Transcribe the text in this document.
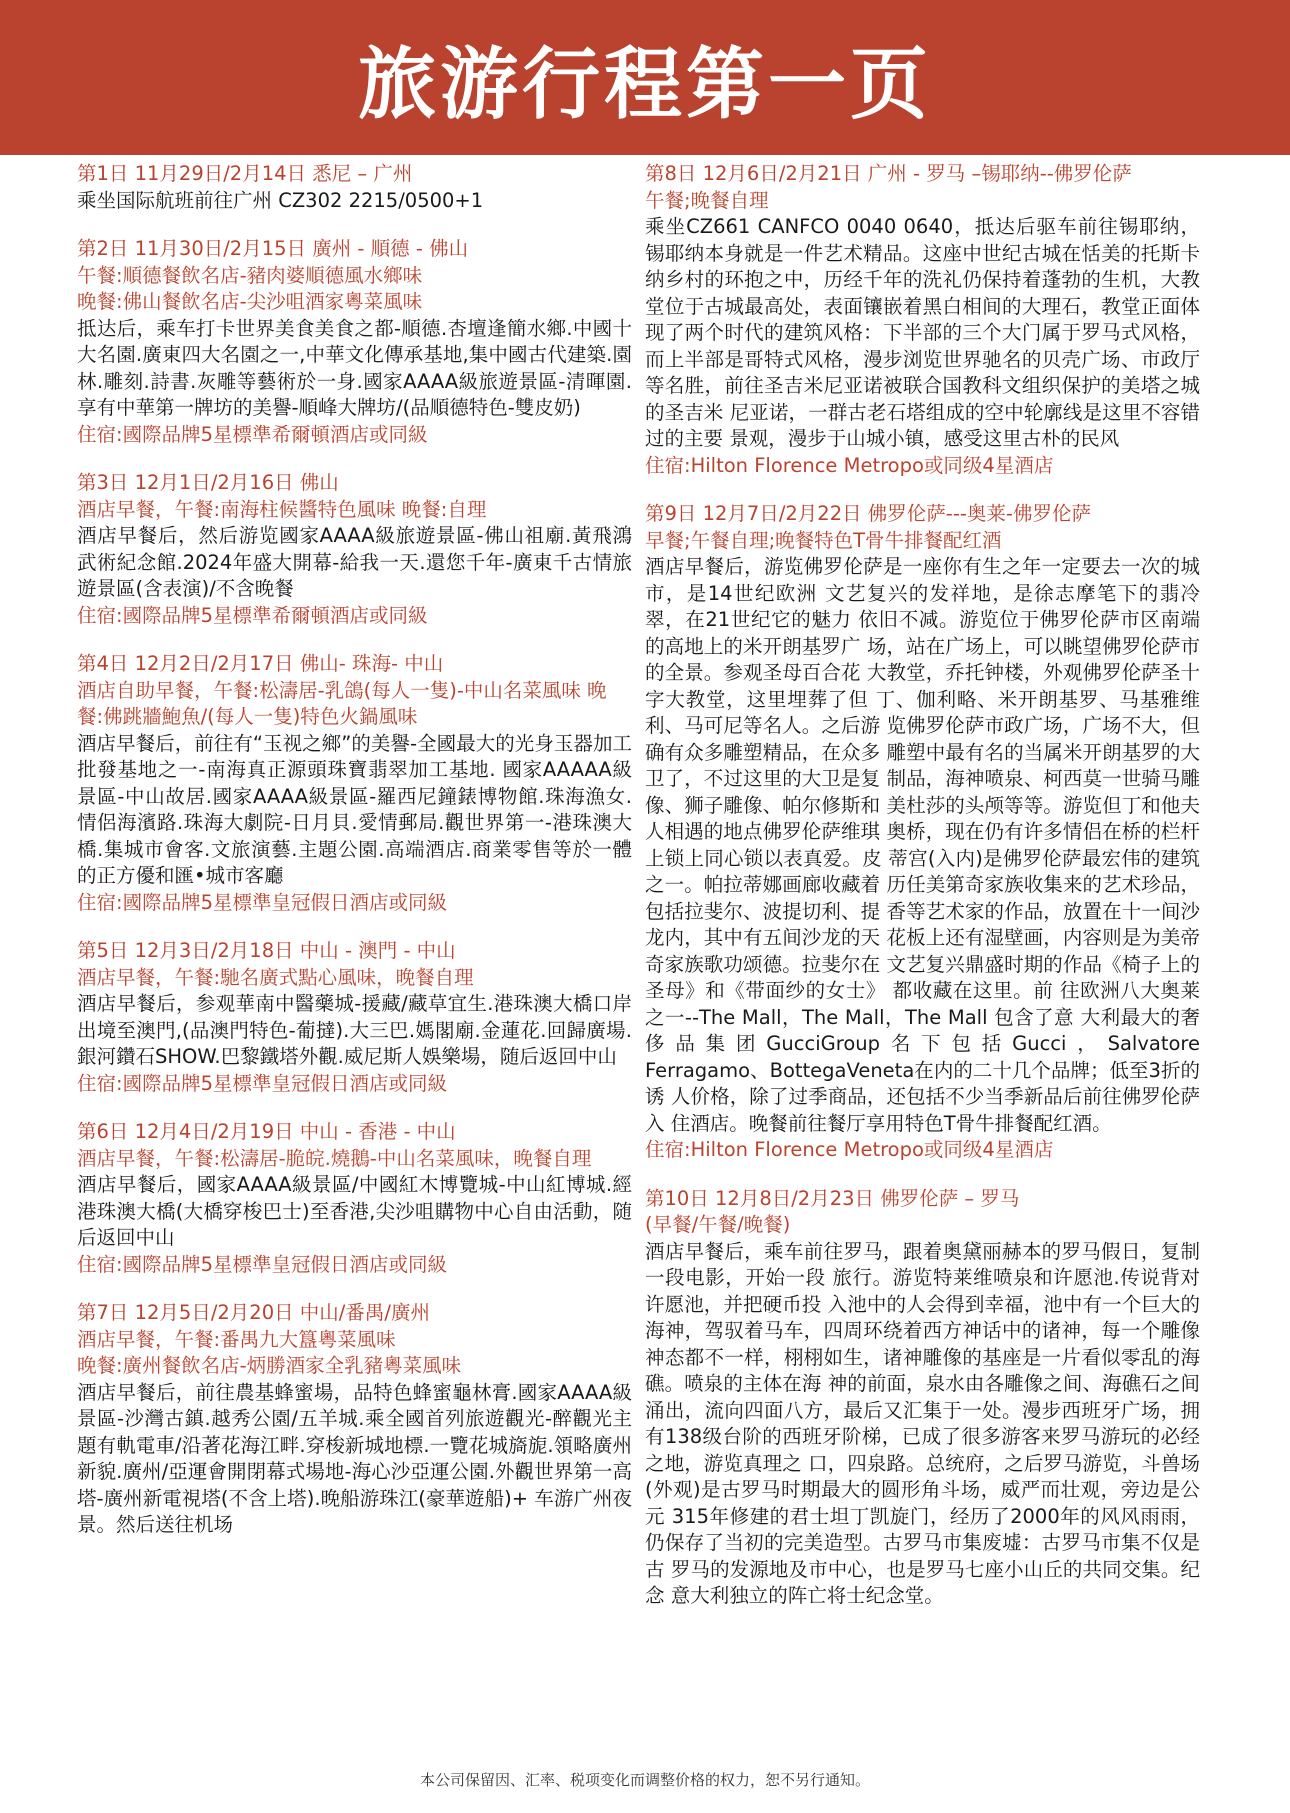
旅游行程第一页
第1日 11月29日/2月14日 悉尼 – 广州
乘坐国际航班前往广州 CZ302 2215/0500+1
第2日 11月30日/2月15日 廣州 - 順德 - 佛山
午餐:順德餐飲名店-豬肉婆順德風水鄉味
晚餐:佛山餐飲名店-尖沙咀酒家粵菜風味
抵达后，乘车打卡世界美食美食之都-順德.杏壇逢簡水鄉.中國十大名園.廣東四大名園之一,中華文化傳承基地,集中國古代建築.園林.雕刻.詩書.灰雕等藝術於一身.國家AAAA級旅遊景區-清暉園.享有中華第一牌坊的美譽-順峰大牌坊/(品順德特色-雙皮奶)
住宿:國際品牌5星標準希爾頓酒店或同級
第3日 12月1日/2月16日 佛山
酒店早餐，午餐:南海柱候醬特色風味 晚餐:自理
酒店早餐后，然后游览國家AAAA級旅遊景區-佛山祖廟.黃飛鴻武術紀念館.2024年盛大開幕-給我一天.還您千年-廣東千古情旅遊景區(含表演)/不含晚餐
住宿:國際品牌5星標準希爾頓酒店或同級
第4日 12月2日/2月17日 佛山- 珠海- 中山
酒店自助早餐，午餐:松濤居-乳鴿(每人一隻)-中山名菜風味 晚餐:佛跳牆鮑魚/(每人一隻)特色火鍋風味
酒店早餐后，前往有“玉视之鄉”的美譽-全國最大的光身玉器加工批發基地之一-南海真正源頭珠寶翡翠加工基地. 國家AAAAA級景區-中山故居.國家AAAA級景區-羅西尼鐘錶博物館.珠海漁女.情侶海濱路.珠海大劇院-日月貝.愛情郵局.觀世界第一-港珠澳大橋.集城市會客.文旅演藝.主題公園.高端酒店.商業零售等於一體的正方優和匯•城市客廳
住宿:國際品牌5星標準皇冠假日酒店或同級
第5日 12月3日/2月18日 中山 - 澳門 - 中山
酒店早餐，午餐:馳名廣式點心風味，晚餐自理
酒店早餐后，参观華南中醫藥城-援藏/藏草宜生.港珠澳大橋口岸出境至澳門,(品澳門特色-葡撻).大三巴.媽閣廟.金蓮花.回歸廣場.銀河鑽石SHOW.巴黎鐵塔外觀.威尼斯人娛樂場，随后返回中山
住宿:國際品牌5星標準皇冠假日酒店或同級
第6日 12月4日/2月19日 中山 - 香港 - 中山
酒店早餐，午餐:松濤居-脆皖.燒鵝-中山名菜風味，晚餐自理
酒店早餐后，國家AAAA級景區/中國紅木博覽城-中山紅博城.經港珠澳大橋(大橋穿梭巴士)至香港,尖沙咀購物中心自由活動，随后返回中山
住宿:國際品牌5星標準皇冠假日酒店或同級
第7日 12月5日/2月20日 中山/番禺/廣州
酒店早餐，午餐:番禺九大簋粵菜風味
晚餐:廣州餐飲名店-炳勝酒家全乳豬粵菜風味
酒店早餐后，前往農基蜂蜜場，品特色蜂蜜龜林膏.國家AAAA級景區-沙灣古鎮.越秀公園/五羊城.乘全國首列旅遊觀光-醉觀光主題有軌電車/沿著花海江畔.穿梭新城地標.一覽花城旖旎.領略廣州新貌.廣州/亞運會開閉幕式場地-海心沙亞運公園.外觀世界第一高塔-廣州新電視塔(不含上塔).晚船游珠江(豪華遊船)+ 车游广州夜景。然后送往机场
第8日 12月6日/2月21日 广州 - 罗马 –锡耶纳--佛罗伦萨
午餐;晚餐自理
乘坐CZ661 CANFCO 0040 0640，抵达后驱车前往锡耶纳，锡耶纳本身就是一件艺术精品。这座中世纪古城在恬美的托斯卡纳乡村的环抱之中，历经千年的洗礼仍保持着蓬勃的生机，大教堂位于古城最高处，表面镶嵌着黑白相间的大理石，教堂正面体现了两个时代的建筑风格：下半部的三个大门属于罗马式风格，而上半部是哥特式风格，漫步浏览世界驰名的贝壳广场、市政厅等名胜，前往圣吉米尼亚诺被联合国教科文组织保护的美塔之城的圣吉米 尼亚诺，一群古老石塔组成的空中轮廓线是这里不容错过的主要 景观，漫步于山城小镇，感受这里古朴的民风
住宿:Hilton Florence Metropo或同级4星酒店
第9日 12月7日/2月22日 佛罗伦萨---奥莱-佛罗伦萨
早餐;午餐自理;晚餐特色T骨牛排餐配红酒
酒店早餐后，游览佛罗伦萨是一座你有生之年一定要去一次的城市，是14世纪欧洲 文艺复兴的发祥地，是徐志摩笔下的翡冷翠，在21世纪它的魅力 依旧不减。游览位于佛罗伦萨市区南端的高地上的米开朗基罗广 场，站在广场上，可以眺望佛罗伦萨市的全景。参观圣母百合花 大教堂，乔托钟楼，外观佛罗伦萨圣十字大教堂，这里埋葬了但 丁、伽利略、米开朗基罗、马基雅维利、马可尼等名人。之后游 览佛罗伦萨市政广场，广场不大，但确有众多雕塑精品，在众多 雕塑中最有名的当属米开朗基罗的大卫了，不过这里的大卫是复 制品，海神喷泉、柯西莫一世骑马雕像、狮子雕像、帕尔修斯和 美杜莎的头颅等等。游览但丁和他夫人相遇的地点佛罗伦萨维琪 奥桥，现在仍有许多情侣在桥的栏杆上锁上同心锁以表真爱。皮 蒂宫(入内)是佛罗伦萨最宏伟的建筑之一。帕拉蒂娜画廊收藏着 历任美第奇家族收集来的艺术珍品，包括拉斐尔、波提切利、提 香等艺术家的作品，放置在十一间沙龙内，其中有五间沙龙的天 花板上还有湿壁画，内容则是为美帝奇家族歌功颂德。拉斐尔在 文艺复兴鼎盛时期的作品《椅子上的圣母》和《带面纱的女士》 都收藏在这里。前 往欧洲八大奥莱之一--The Mall，The Mall，The Mall 包含了意 大利最大的奢侈品集团GucciGroup名下包括Gucci，Salvatore Ferragamo、BottegaVeneta在内的二十几个品牌；低至3折的诱 人价格，除了过季商品，还包括不少当季新品后前往佛罗伦萨入 住酒店。晚餐前往餐厅享用特色T骨牛排餐配红酒。
住宿:Hilton Florence Metropo或同级4星酒店
第10日 12月8日/2月23日 佛罗伦萨 – 罗马
(早餐/午餐/晚餐)
酒店早餐后，乘车前往罗马，跟着奥黛丽赫本的罗马假日，复制一段电影，开始一段 旅行。游览特莱维喷泉和许愿池.传说背对许愿池，并把硬币投 入池中的人会得到幸福，池中有一个巨大的海神，驾驭着马车，四周环绕着西方神话中的诸神，每一个雕像神态都不一样，栩栩如生，诸神雕像的基座是一片看似零乱的海礁。喷泉的主体在海 神的前面，泉水由各雕像之间、海礁石之间涌出，流向四面八方，最后又汇集于一处。漫步西班牙广场，拥有138级台阶的西班牙阶梯，已成了很多游客来罗马游玩的必经之地，游览真理之 口，四泉路。总统府，之后罗马游览，斗兽场(外观)是古罗马时期最大的圆形角斗场，威严而壮观，旁边是公元 315年修建的君士坦丁凯旋门，经历了2000年的风风雨雨，仍保存了当初的完美造型。古罗马市集废墟：古罗马市集不仅是古 罗马的发源地及市中心，也是罗马七座小山丘的共同交集。纪念 意大利独立的阵亡将士纪念堂。
本公司保留因、汇率、税项变化而调整价格的权力，恕不另行通知。
